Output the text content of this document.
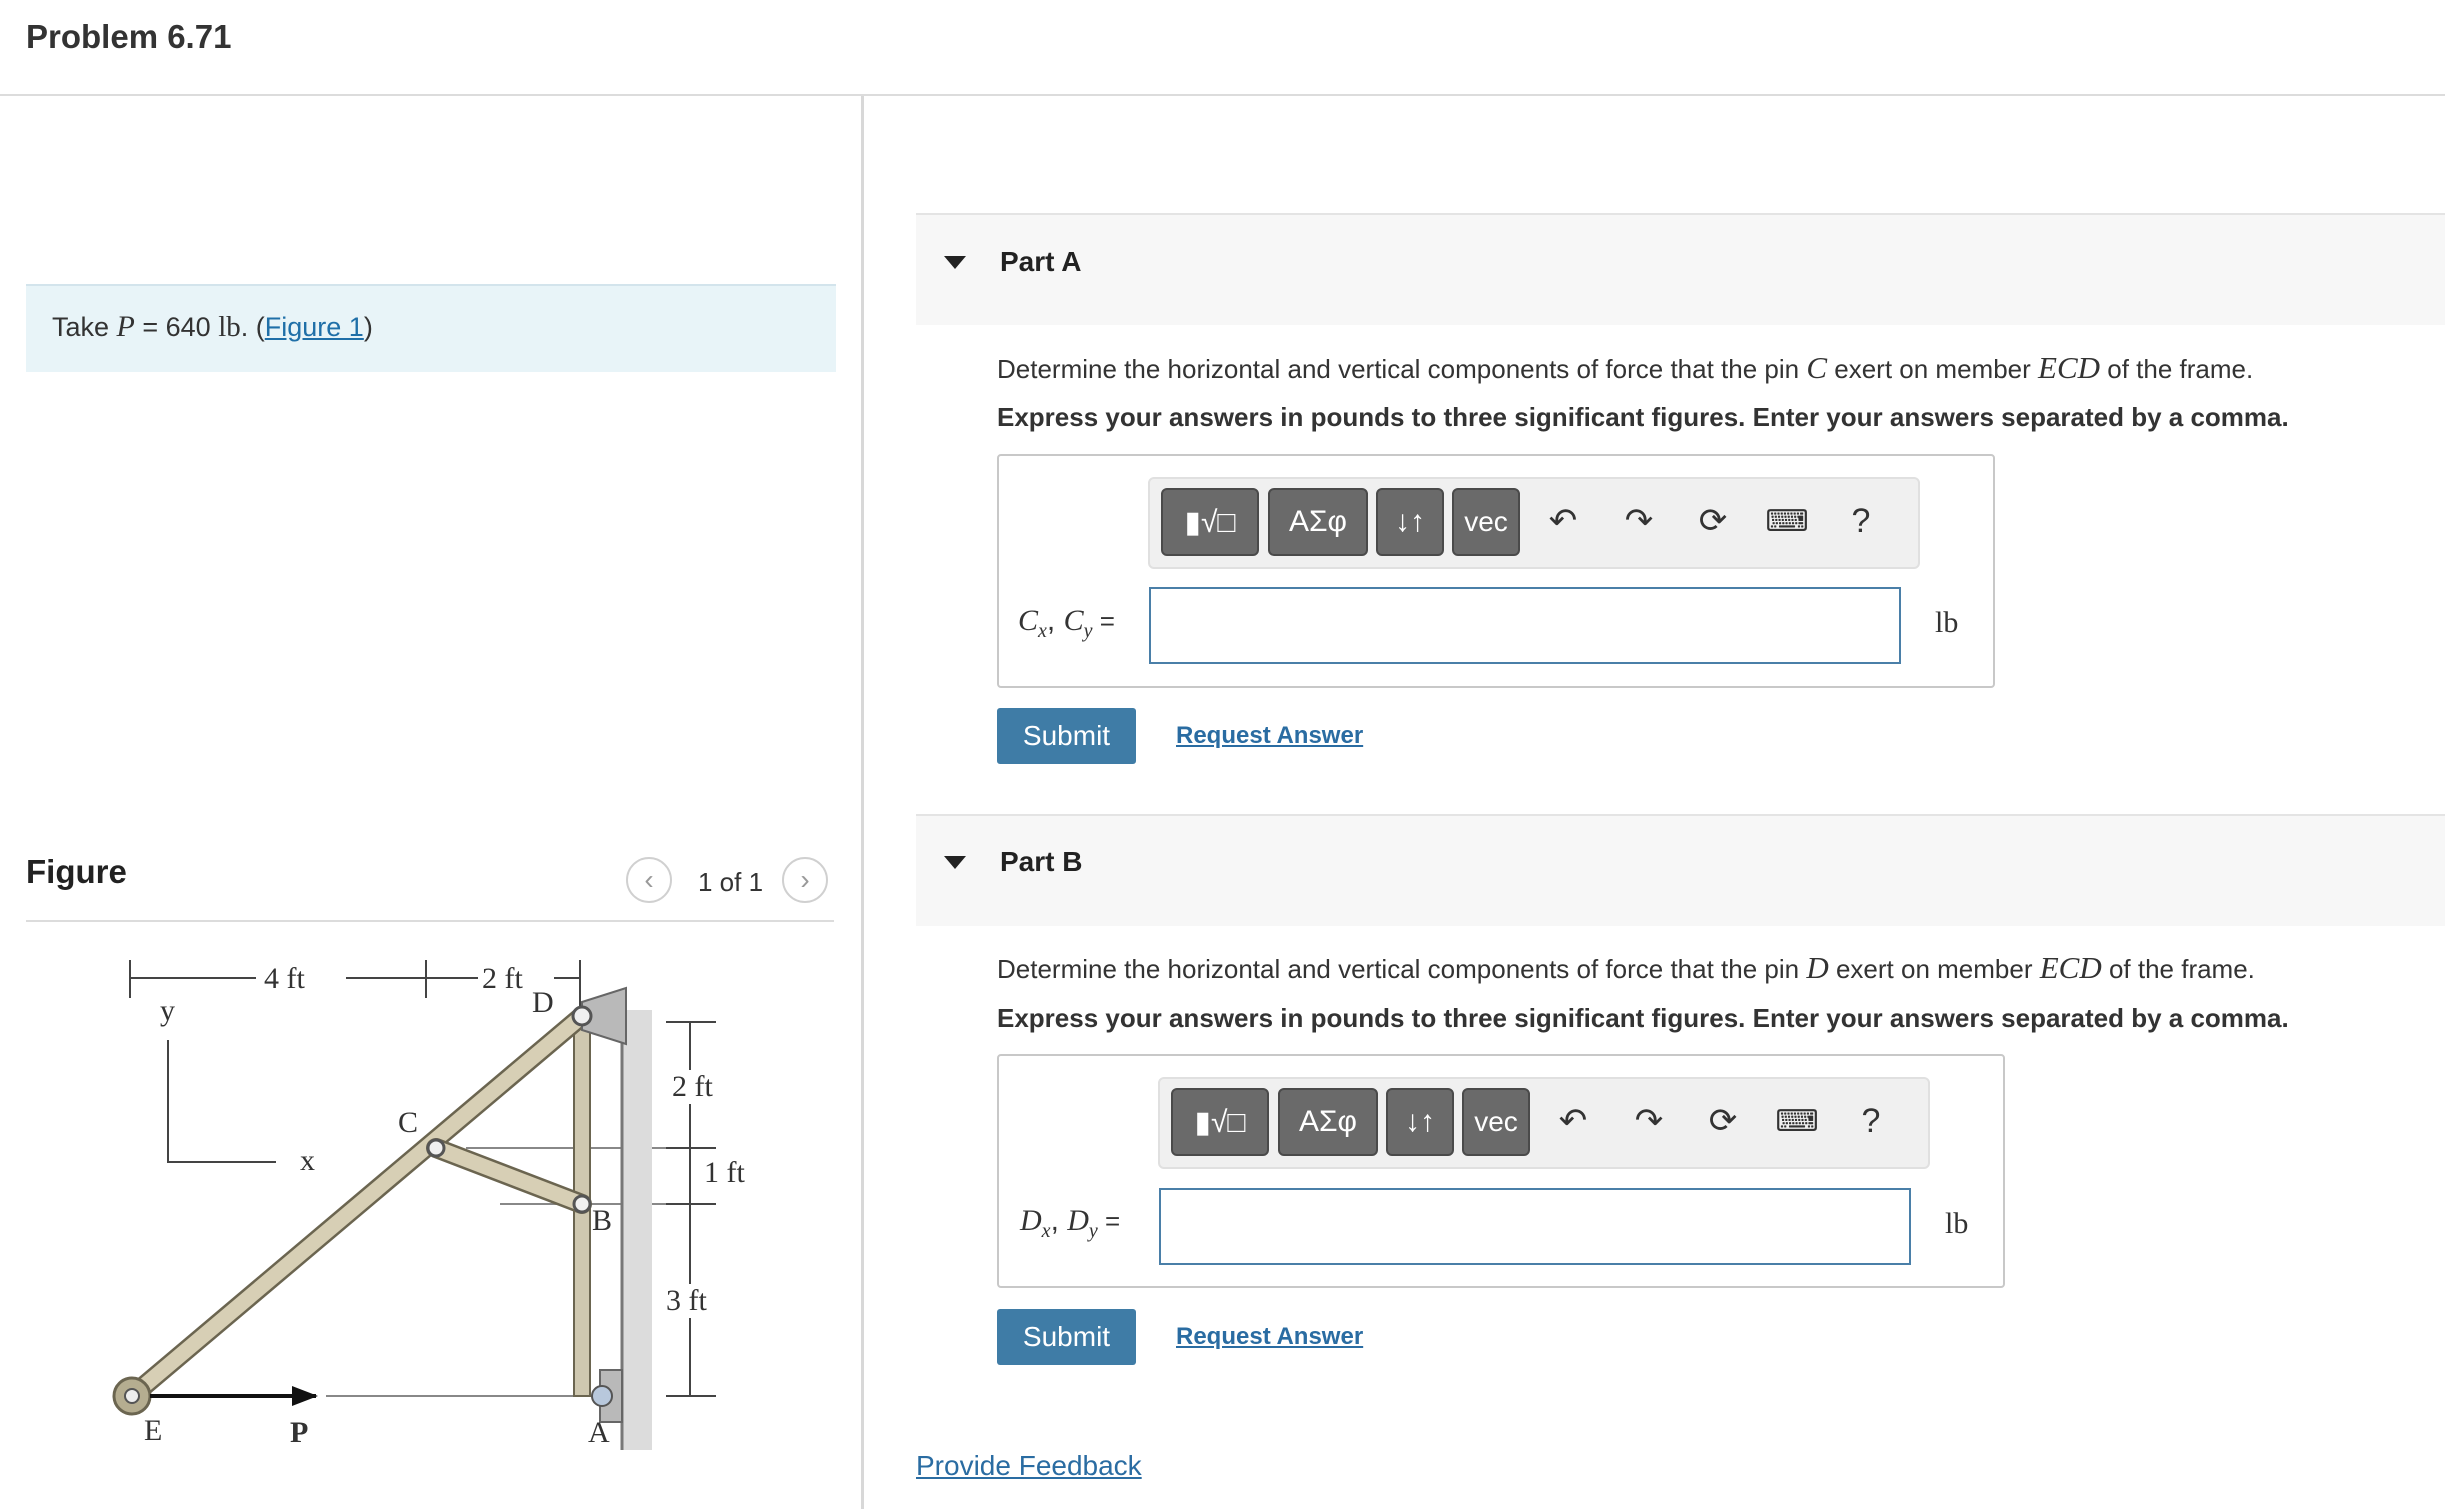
Problem 6.71
Take P = 640 lb. (Figure 1)
Figure	‹ 1 of 1 ›
4 ft	2 ft
2 ft
1 ft
3 ft
y
x
C
D
B
E	A
P
Part A
Determine the horizontal and vertical components of force that the pin C exert on member ECD of the frame.
Express your answers in pounds to three significant figures. Enter your answers separated by a comma.
▮√□	ΑΣφ	↓↑	vec	↶	↷	⟳	⌨	?
$C_x$, $C_y$ =	lb
Submit	Request Answer
Part B
Determine the horizontal and vertical components of force that the pin D exert on member ECD of the frame.
Express your answers in pounds to three significant figures. Enter your answers separated by a comma.
▮√□	ΑΣφ	↓↑	vec	↶	↷	⟳	⌨	?
$D_x$, $D_y$ =	lb
Submit	Request Answer
Provide Feedback
